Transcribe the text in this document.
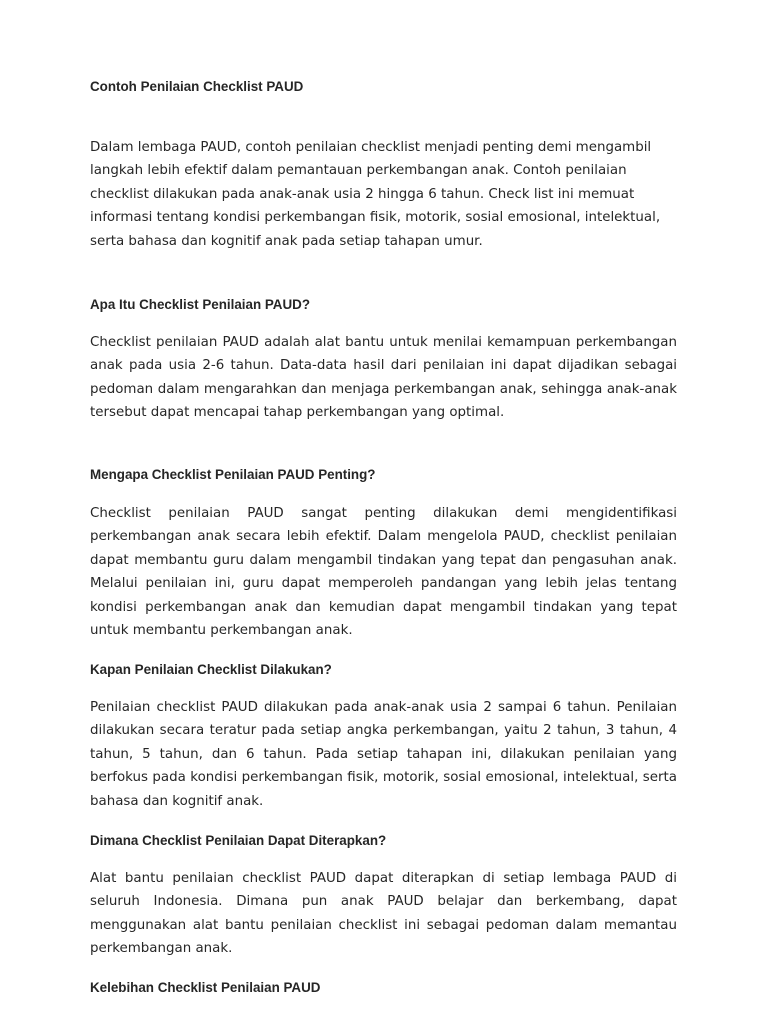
Contoh Penilaian Checklist PAUD

Dalam lembaga PAUD, contoh penilaian checklist menjadi penting demi mengambil langkah lebih efektif dalam pemantauan perkembangan anak. Contoh penilaian checklist dilakukan pada anak-anak usia 2 hingga 6 tahun. Check list ini memuat informasi tentang kondisi perkembangan fisik, motorik, sosial emosional, intelektual, serta bahasa dan kognitif anak pada setiap tahapan umur.

Apa Itu Checklist Penilaian PAUD?

Checklist penilaian PAUD adalah alat bantu untuk menilai kemampuan perkembangan anak pada usia 2-6 tahun. Data-data hasil dari penilaian ini dapat dijadikan sebagai pedoman dalam mengarahkan dan menjaga perkembangan anak, sehingga anak-anak tersebut dapat mencapai tahap perkembangan yang optimal.

Mengapa Checklist Penilaian PAUD Penting?

Checklist penilaian PAUD sangat penting dilakukan demi mengidentifikasi perkembangan anak secara lebih efektif. Dalam mengelola PAUD, checklist penilaian dapat membantu guru dalam mengambil tindakan yang tepat dan pengasuhan anak. Melalui penilaian ini, guru dapat memperoleh pandangan yang lebih jelas tentang kondisi perkembangan anak dan kemudian dapat mengambil tindakan yang tepat untuk membantu perkembangan anak.

Kapan Penilaian Checklist Dilakukan?

Penilaian checklist PAUD dilakukan pada anak-anak usia 2 sampai 6 tahun. Penilaian dilakukan secara teratur pada setiap angka perkembangan, yaitu 2 tahun, 3 tahun, 4 tahun, 5 tahun, dan 6 tahun. Pada setiap tahapan ini, dilakukan penilaian yang berfokus pada kondisi perkembangan fisik, motorik, sosial emosional, intelektual, serta bahasa dan kognitif anak.

Dimana Checklist Penilaian Dapat Diterapkan?

Alat bantu penilaian checklist PAUD dapat diterapkan di setiap lembaga PAUD di seluruh Indonesia. Dimana pun anak PAUD belajar dan berkembang, dapat menggunakan alat bantu penilaian checklist ini sebagai pedoman dalam memantau perkembangan anak.

Kelebihan Checklist Penilaian PAUD
